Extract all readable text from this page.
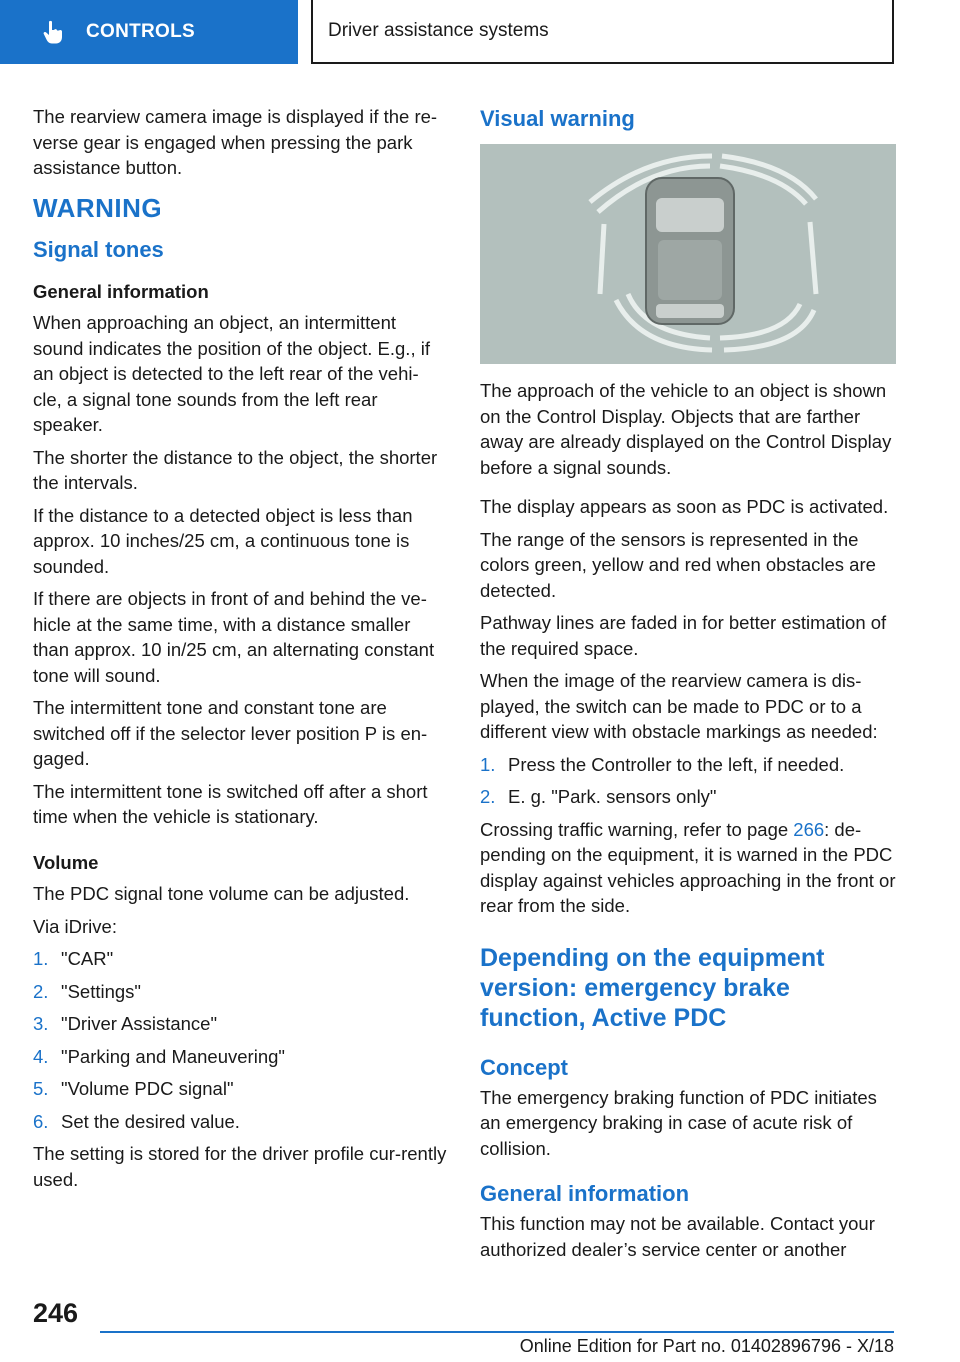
CONTROLS	Driver assistance systems

The rearview camera image is displayed if the re-verse gear is engaged when pressing the park assistance button.

WARNING
Signal tones
General information

When approaching an object, an intermittent sound indicates the position of the object. E.g., if an object is detected to the left rear of the vehi-cle, a signal tone sounds from the left rear speaker.

The shorter the distance to the object, the shorter the intervals.

If the distance to a detected object is less than approx. 10 inches/25 cm, a continuous tone is sounded.

If there are objects in front of and behind the ve-hicle at the same time, with a distance smaller than approx. 10 in/25 cm, an alternating constant tone will sound.

The intermittent tone and constant tone are switched off if the selector lever position P is en-gaged.

The intermittent tone is switched off after a short time when the vehicle is stationary.

Volume

The PDC signal tone volume can be adjusted.

Via iDrive:

1. "CAR"
2. "Settings"
3. "Driver Assistance"
4. "Parking and Maneuvering"
5. "Volume PDC signal"
6. Set the desired value.

The setting is stored for the driver profile cur-rently used.

Visual warning

The approach of the vehicle to an object is shown on the Control Display. Objects that are farther away are already displayed on the Control Display before a signal sounds.

The display appears as soon as PDC is activated.

The range of the sensors is represented in the colors green, yellow and red when obstacles are detected.

Pathway lines are faded in for better estimation of the required space.

When the image of the rearview camera is dis-played, the switch can be made to PDC or to a different view with obstacle markings as needed:

1. Press the Controller to the left, if needed.
2. E. g. "Park. sensors only"

Crossing traffic warning, refer to page 266: de-pending on the equipment, it is warned in the PDC display against vehicles approaching in the front or rear from the side.

Depending on the equipment version: emergency brake function, Active PDC
Concept

The emergency braking function of PDC initiates an emergency braking in case of acute risk of collision.

General information

This function may not be available. Contact your authorized dealer’s service center or another

246
Online Edition for Part no. 01402896796 - X/18
